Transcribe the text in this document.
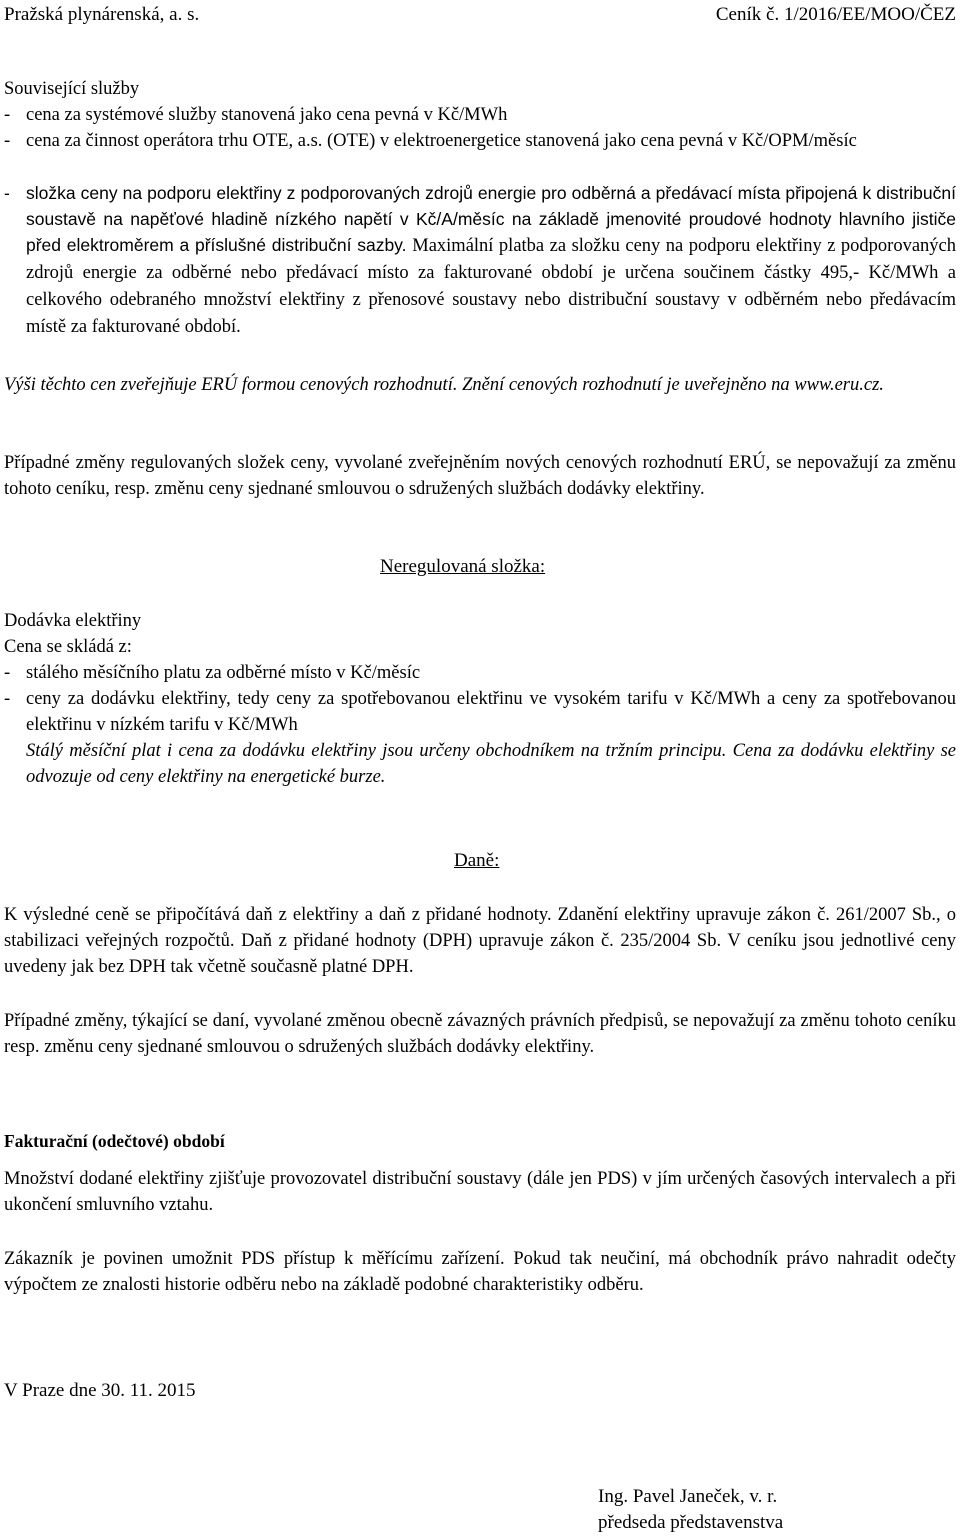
Pražská plynárenská, a. s.	Ceník č. 1/2016/EE/MOO/ČEZ

Související služby

- cena za systémové služby stanovená jako cena pevná v Kč/MWh
- cena za činnost operátora trhu OTE, a.s. (OTE) v elektroenergetice stanovená jako cena pevná v Kč/OPM/měsíc
- složka ceny na podporu elektřiny z podporovaných zdrojů energie pro odběrná a předávací místa připojená k distribuční soustavě na napěťové hladině nízkého napětí v Kč/A/měsíc na základě jmenovité proudové hodnoty hlavního jističe před elektroměrem a příslušné distribuční sazby. Maximální platba za složku ceny na podporu elektřiny z podporovaných zdrojů energie za odběrné nebo předávací místo za fakturované období je určena součinem částky 495,- Kč/MWh a celkového odebraného množství elektřiny z přenosové soustavy nebo distribuční soustavy v odběrném nebo předávacím místě za fakturované období.
Výši těchto cen zveřejňuje ERÚ formou cenových rozhodnutí. Znění cenových rozhodnutí je uveřejněno na www.eru.cz.
Případné změny regulovaných složek ceny, vyvolané zveřejněním nových cenových rozhodnutí ERÚ, se nepovažují za změnu tohoto ceníku, resp. změnu ceny sjednané smlouvou o sdružených službách dodávky elektřiny.
Neregulovaná složka:

Dodávka elektřiny

Cena se skládá z:

- stálého měsíčního platu za odběrné místo v Kč/měsíc
- ceny za dodávku elektřiny, tedy ceny za spotřebovanou elektřinu ve vysokém tarifu v Kč/MWh a ceny za spotřebovanou elektřinu v nízkém tarifu v Kč/MWh

Stálý měsíční plat i cena za dodávku elektřiny jsou určeny obchodníkem na tržním principu. Cena za dodávku elektřiny se odvozuje od ceny elektřiny na energetické burze.

Daně:
K výsledné ceně se připočítává daň z elektřiny a daň z přidané hodnoty. Zdanění elektřiny upravuje zákon č. 261/2007 Sb., o stabilizaci veřejných rozpočtů. Daň z přidané hodnoty (DPH) upravuje zákon č. 235/2004 Sb. V ceníku jsou jednotlivé ceny uvedeny jak bez DPH tak včetně současně platné DPH.
Případné změny, týkající se daní, vyvolané změnou obecně závazných právních předpisů, se nepovažují za změnu tohoto ceníku resp. změnu ceny sjednané smlouvou o sdružených službách dodávky elektřiny.
Fakturační (odečtové) období
Množství dodané elektřiny zjišťuje provozovatel distribuční soustavy (dále jen PDS) v jím určených časových intervalech a při ukončení smluvního vztahu.
Zákazník je povinen umožnit PDS přístup k měřícímu zařízení. Pokud tak neučiní, má obchodník právo nahradit odečty výpočtem ze znalosti historie odběru nebo na základě podobné charakteristiky odběru.
V Praze dne 30. 11. 2015
Ing. Pavel Janeček, v. r.
předseda představenstva
